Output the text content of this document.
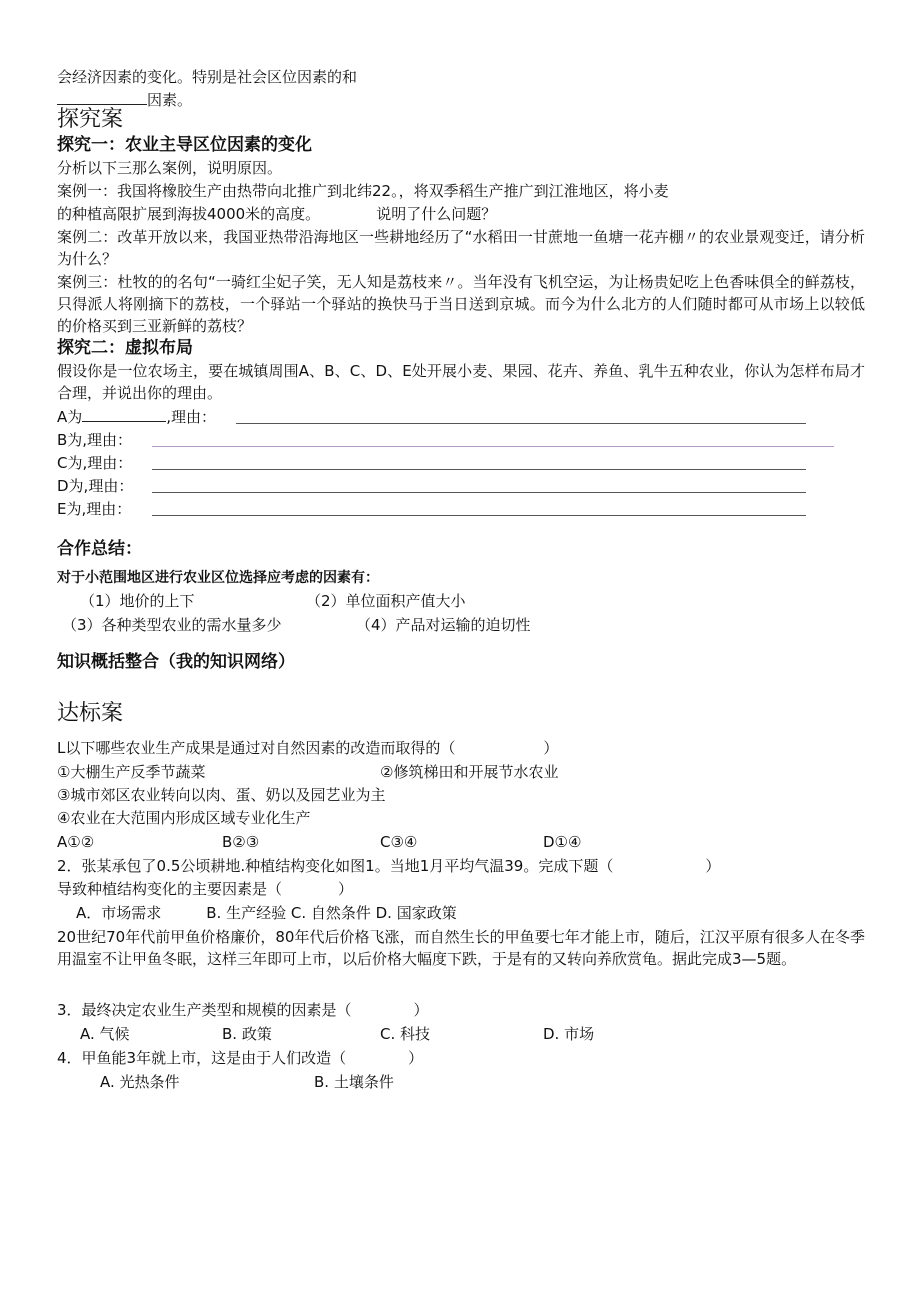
会经济因素的变化。特别是社会区位因素的和
因素。
探究案
探究一：农业主导区位因素的变化
分析以下三那么案例，说明原因。
案例一：我国将橡胶生产由热带向北推广到北纬22。，将双季稻生产推广到江淮地区，将小麦
的种植高限扩展到海拔4000米的高度。	说明了什么问题？
案例二：改革开放以来，我国亚热带沿海地区一些耕地经历了“水稻田一甘蔗地一鱼塘一花卉棚〃的农业景观变迁，请分析为什么？
案例三：杜牧的的名句“一骑红尘妃子笑，无人知是荔枝来〃。当年没有飞机空运，为让杨贵妃吃上色香味俱全的鲜荔枝，只得派人将刚摘下的荔枝，一个驿站一个驿站的换快马于当日送到京城。而今为什么北方的人们随时都可从市场上以较低的价格买到三亚新鲜的荔枝？
探究二：虚拟布局
假设你是一位农场主，要在城镇周围A、B、C、D、E处开展小麦、果园、花卉、养鱼、乳牛五种农业，你认为怎样布局才合理，并说出你的理由。
A为	,理由：
B为,理由：
C为,理由：
D为,理由：
E为,理由：
合作总结：
对于小范围地区进行农业区位选择应考虑的因素有：
（1）地价的上下	（2）单位面积产值大小
（3）各种类型农业的需水量多少	（4）产品对运输的迫切性
知识概括整合（我的知识网络）
达标案
L以下哪些农业生产成果是通过对自然因素的改造而取得的（	）
①大棚生产反季节蔬菜	②修筑梯田和开展节水农业
③城市郊区农业转向以肉、蛋、奶以及园艺业为主
④农业在大范围内形成区域专业化生产
A①②	B②③	C③④	D①④
2．张某承包了0.5公顷耕地.种植结构变化如图1。当地1月平均气温39。完成下题（	）
导致种植结构变化的主要因素是（	）
A．市场需求　　　B. 生产经验 C. 自然条件 D. 国家政策
20世纪70年代前甲鱼价格廉价，80年代后价格飞涨，而自然生长的甲鱼要七年才能上市，随后，江汉平原有很多人在冬季用温室不让甲鱼冬眠，这样三年即可上市，以后价格大幅度下跌，于是有的又转向养欣赏龟。据此完成3—5题。
3．最终决定农业生产类型和规模的因素是（	）
A. 气候	B. 政策	C. 科技	D. 市场
4．甲鱼能3年就上市，这是由于人们改造（	）
A. 光热条件	B. 土壤条件
